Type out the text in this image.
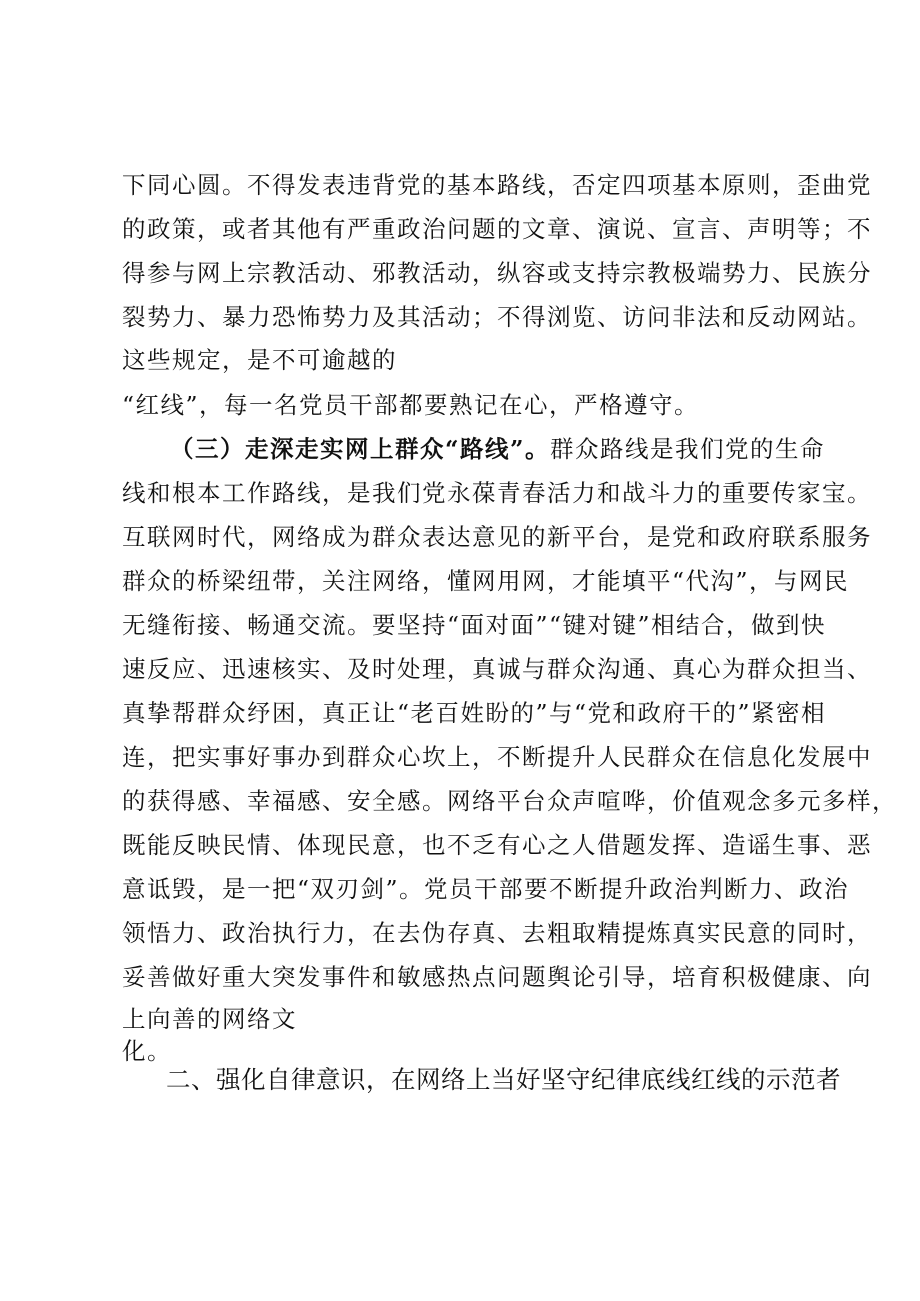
下同心圆。不得发表违背党的基本路线，否定四项基本原则，歪曲党
的政策，或者其他有严重政治问题的文章、演说、宣言、声明等；不
得参与网上宗教活动、邪教活动，纵容或支持宗教极端势力、民族分
裂势力、暴力恐怖势力及其活动；不得浏览、访问非法和反动网站。
这些规定，是不可逾越的
“红线”，每一名党员干部都要熟记在心，严格遵守。
（三）走深走实网上群众“路线”。群众路线是我们党的生命
线和根本工作路线，是我们党永葆青春活力和战斗力的重要传家宝。
互联网时代，网络成为群众表达意见的新平台，是党和政府联系服务
群众的桥梁纽带，关注网络，懂网用网，才能填平“代沟”，与网民
无缝衔接、畅通交流。要坚持“面对面”“键对键”相结合，做到快
速反应、迅速核实、及时处理，真诚与群众沟通、真心为群众担当、
真挚帮群众纾困，真正让“老百姓盼的”与“党和政府干的”紧密相
连，把实事好事办到群众心坎上，不断提升人民群众在信息化发展中
的获得感、幸福感、安全感。网络平台众声喧哗，价值观念多元多样，
既能反映民情、体现民意，也不乏有心之人借题发挥、造谣生事、恶
意诋毁，是一把“双刃剑”。党员干部要不断提升政治判断力、政治
领悟力、政治执行力，在去伪存真、去粗取精提炼真实民意的同时，
妥善做好重大突发事件和敏感热点问题舆论引导，培育积极健康、向
上向善的网络文
化。
二、强化自律意识，在网络上当好坚守纪律底线红线的示范者
